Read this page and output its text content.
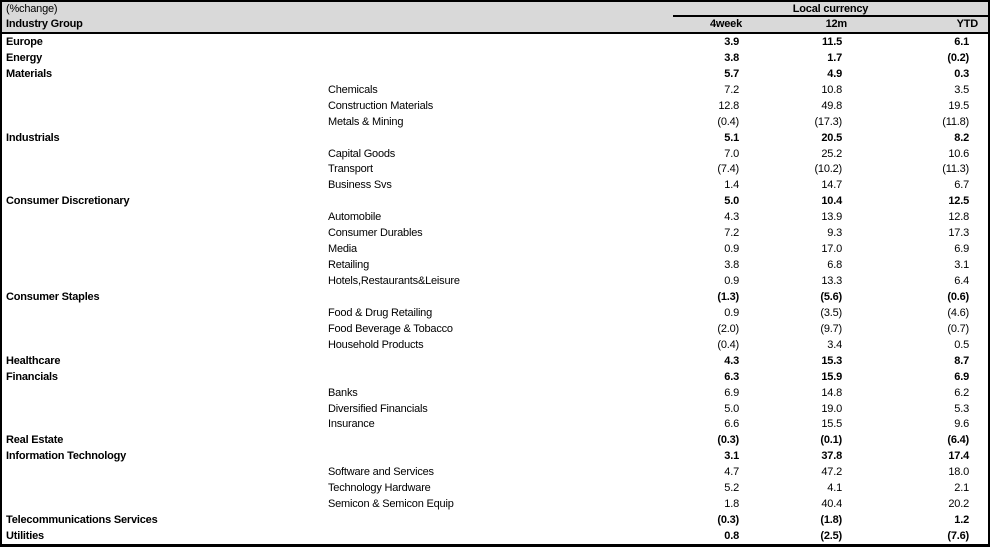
(%change)	Local currency
Industry Group	4week	12m	YTD
Europe	3.9	11.5	6.1
Energy	3.8	1.7	(0.2)
Materials	5.7	4.9	0.3
Chemicals	7.2	10.8	3.5
Construction Materials	12.8	49.8	19.5
Metals & Mining	(0.4)	(17.3)	(11.8)
Industrials	5.1	20.5	8.2
Capital Goods	7.0	25.2	10.6
Transport	(7.4)	(10.2)	(11.3)
Business Svs	1.4	14.7	6.7
Consumer Discretionary	5.0	10.4	12.5
Automobile	4.3	13.9	12.8
Consumer Durables	7.2	9.3	17.3
Media	0.9	17.0	6.9
Retailing	3.8	6.8	3.1
Hotels,Restaurants&Leisure	0.9	13.3	6.4
Consumer Staples	(1.3)	(5.6)	(0.6)
Food & Drug Retailing	0.9	(3.5)	(4.6)
Food Beverage & Tobacco	(2.0)	(9.7)	(0.7)
Household Products	(0.4)	3.4	0.5
Healthcare	4.3	15.3	8.7
Financials	6.3	15.9	6.9
Banks	6.9	14.8	6.2
Diversified Financials	5.0	19.0	5.3
Insurance	6.6	15.5	9.6
Real Estate	(0.3)	(0.1)	(6.4)
Information Technology	3.1	37.8	17.4
Software and Services	4.7	47.2	18.0
Technology Hardware	5.2	4.1	2.1
Semicon & Semicon Equip	1.8	40.4	20.2
Telecommunications Services	(0.3)	(1.8)	1.2
Utilities	0.8	(2.5)	(7.6)
